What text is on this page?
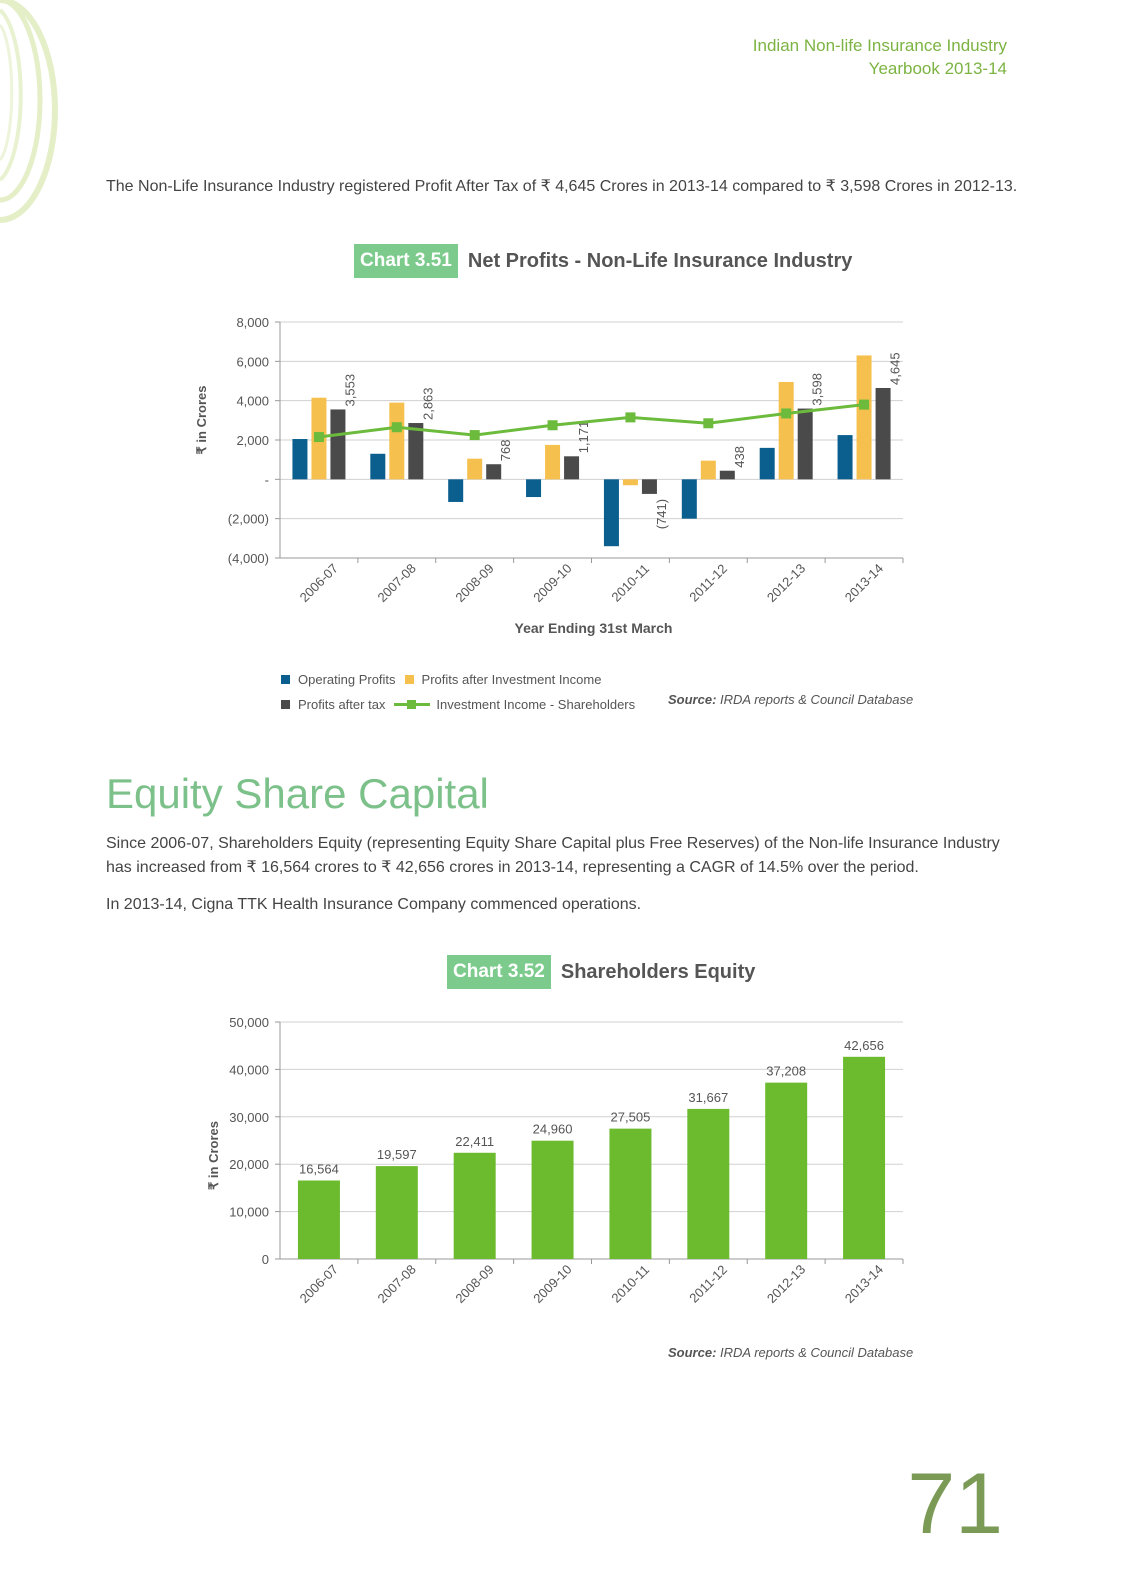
Indian Non-life Insurance Industry
Yearbook 2013-14
The Non-Life Insurance Industry registered Profit After Tax of ₹ 4,645 Crores in 2013-14 compared to ₹ 3,598 Crores in 2012-13.
Chart 3.51 Net Profits - Non-Life Insurance Industry
(4,000)
(2,000)
-
2,000
4,000
6,000
8,000
₹ in Crores
Year Ending 31st March
2006-07
3,553
2007-08
2,863
2008-09
768
2009-10
1,171
2010-11
(741)
2011-12
438
2012-13
3,598
2013-14
4,645
Operating Profits Profits after Investment Income
Profits after tax	Investment Income - Shareholders	Source: IRDA reports & Council Database
Equity Share Capital
Since 2006-07, Shareholders Equity (representing Equity Share Capital plus Free Reserves) of the Non-life Insurance Industry has increased from ₹ 16,564 crores to ₹ 42,656 crores in 2013-14, representing a CAGR of 14.5% over the period.
In 2013-14, Cigna TTK Health Insurance Company commenced operations.
Chart 3.52 Shareholders Equity
0
10,000
20,000
30,000
40,000
50,000
₹ in Crores	16,564
2006-07
19,597
2007-08
22,411
2008-09
24,960
2009-10
27,505
2010-11
31,667
2011-12
37,208
2012-13
42,656
2013-14
Source: IRDA reports & Council Database
71
